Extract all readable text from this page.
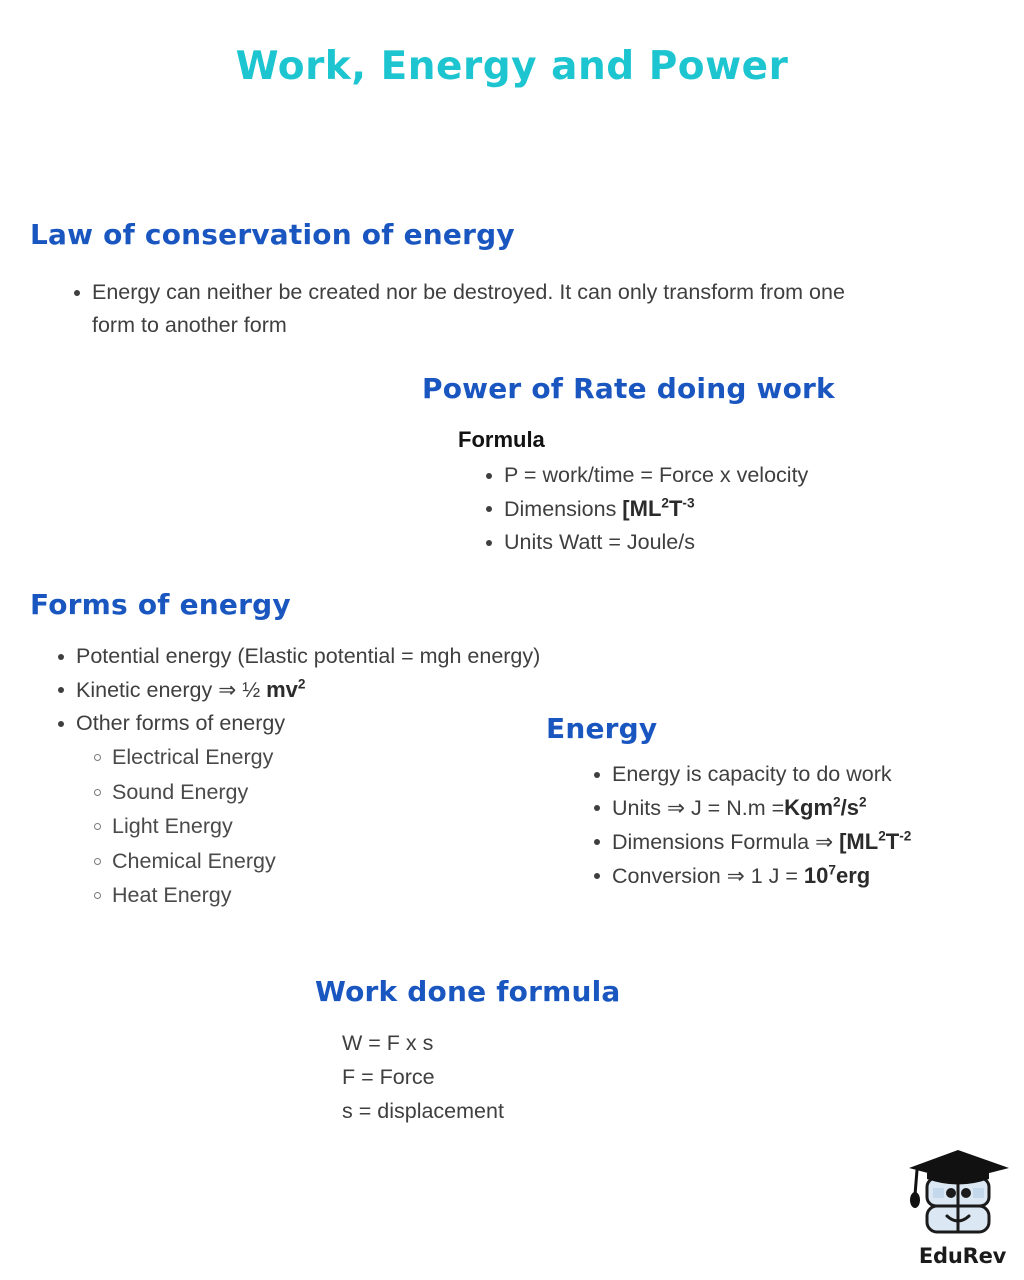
Work, Energy and Power
Law of conservation of energy
Energy can neither be created nor be destroyed. It can only transform from one form to another form
Power of Rate doing work
Formula
P = work/time = Force x velocity
Dimensions [$ML^2T^{-3}$
Units Watt = Joule/s
Forms of energy
Potential energy (Elastic potential = mgh energy)
Kinetic energy ⇒ ½ $mv^2$
Other forms of energy
Electrical Energy
Sound Energy
Light Energy
Chemical Energy
Heat Energy
Energy
Energy is capacity to do work
Units ⇒ $J = N.m =Kgm^2/s^2$
Dimensions Formula ⇒ [$ML^2T^{-2}$
Conversion ⇒ 1 $J = 10^7erg$
Work done formula
W = F x s
F = Force
s = displacement
EduRev
